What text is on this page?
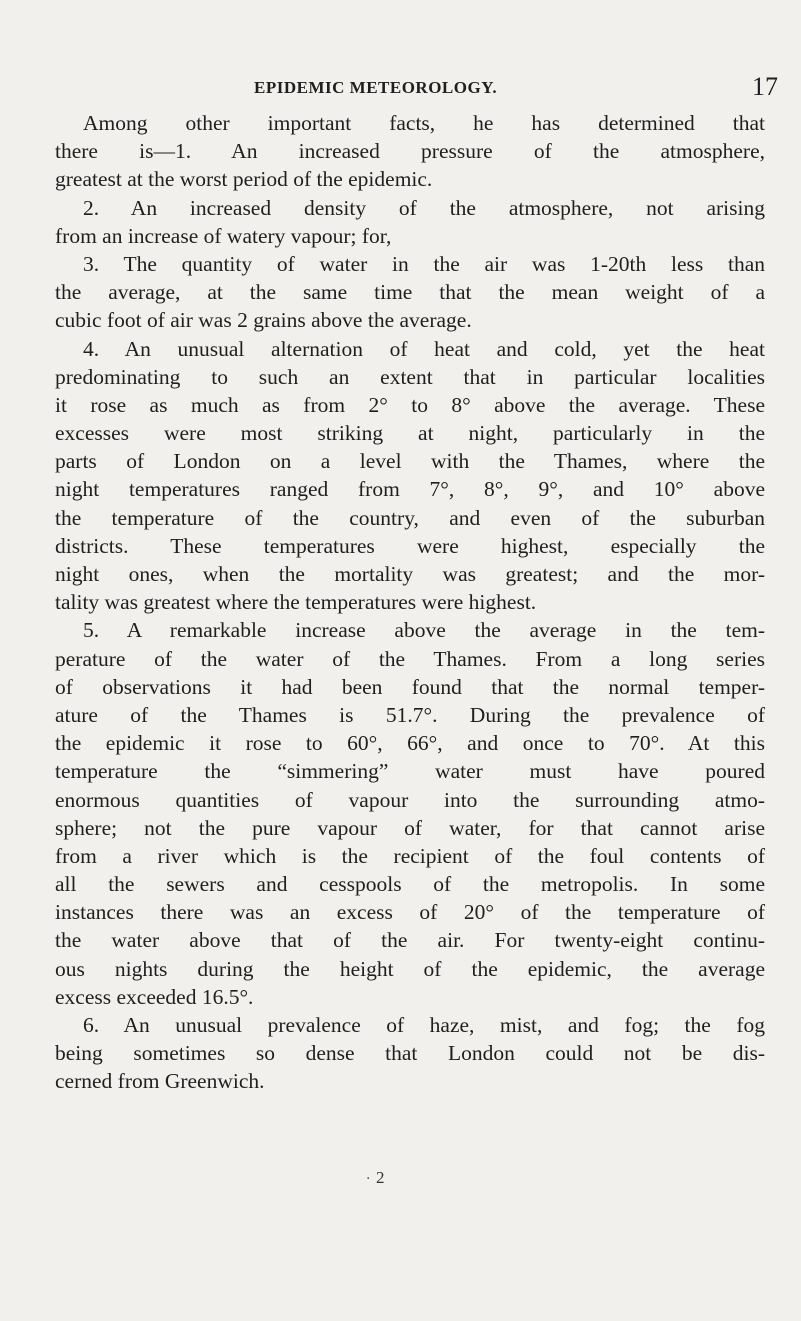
EPIDEMIC METEOROLOGY.	17
Among other important facts, he has determined that
there is—1. An increased pressure of the atmosphere,
greatest at the worst period of the epidemic.
2. An increased density of the atmosphere, not arising
from an increase of watery vapour; for,
3. The quantity of water in the air was 1-20th less than
the average, at the same time that the mean weight of a
cubic foot of air was 2 grains above the average.
4. An unusual alternation of heat and cold, yet the heat
predominating to such an extent that in particular localities
it rose as much as from 2° to 8° above the average. These
excesses were most striking at night, particularly in the
parts of London on a level with the Thames, where the
night temperatures ranged from 7°, 8°, 9°, and 10° above
the temperature of the country, and even of the suburban
districts. These temperatures were highest, especially the
night ones, when the mortality was greatest; and the mor-
tality was greatest where the temperatures were highest.
5. A remarkable increase above the average in the tem-
perature of the water of the Thames. From a long series
of observations it had been found that the normal temper-
ature of the Thames is 51.7°. During the prevalence of
the epidemic it rose to 60°, 66°, and once to 70°. At this
temperature the “simmering” water must have poured
enormous quantities of vapour into the surrounding atmo-
sphere; not the pure vapour of water, for that cannot arise
from a river which is the recipient of the foul contents of
all the sewers and cesspools of the metropolis. In some
instances there was an excess of 20° of the temperature of
the water above that of the air. For twenty-eight continu-
ous nights during the height of the epidemic, the average
excess exceeded 16.5°.
6. An unusual prevalence of haze, mist, and fog; the fog
being sometimes so dense that London could not be dis-
cerned from Greenwich.
· 2
